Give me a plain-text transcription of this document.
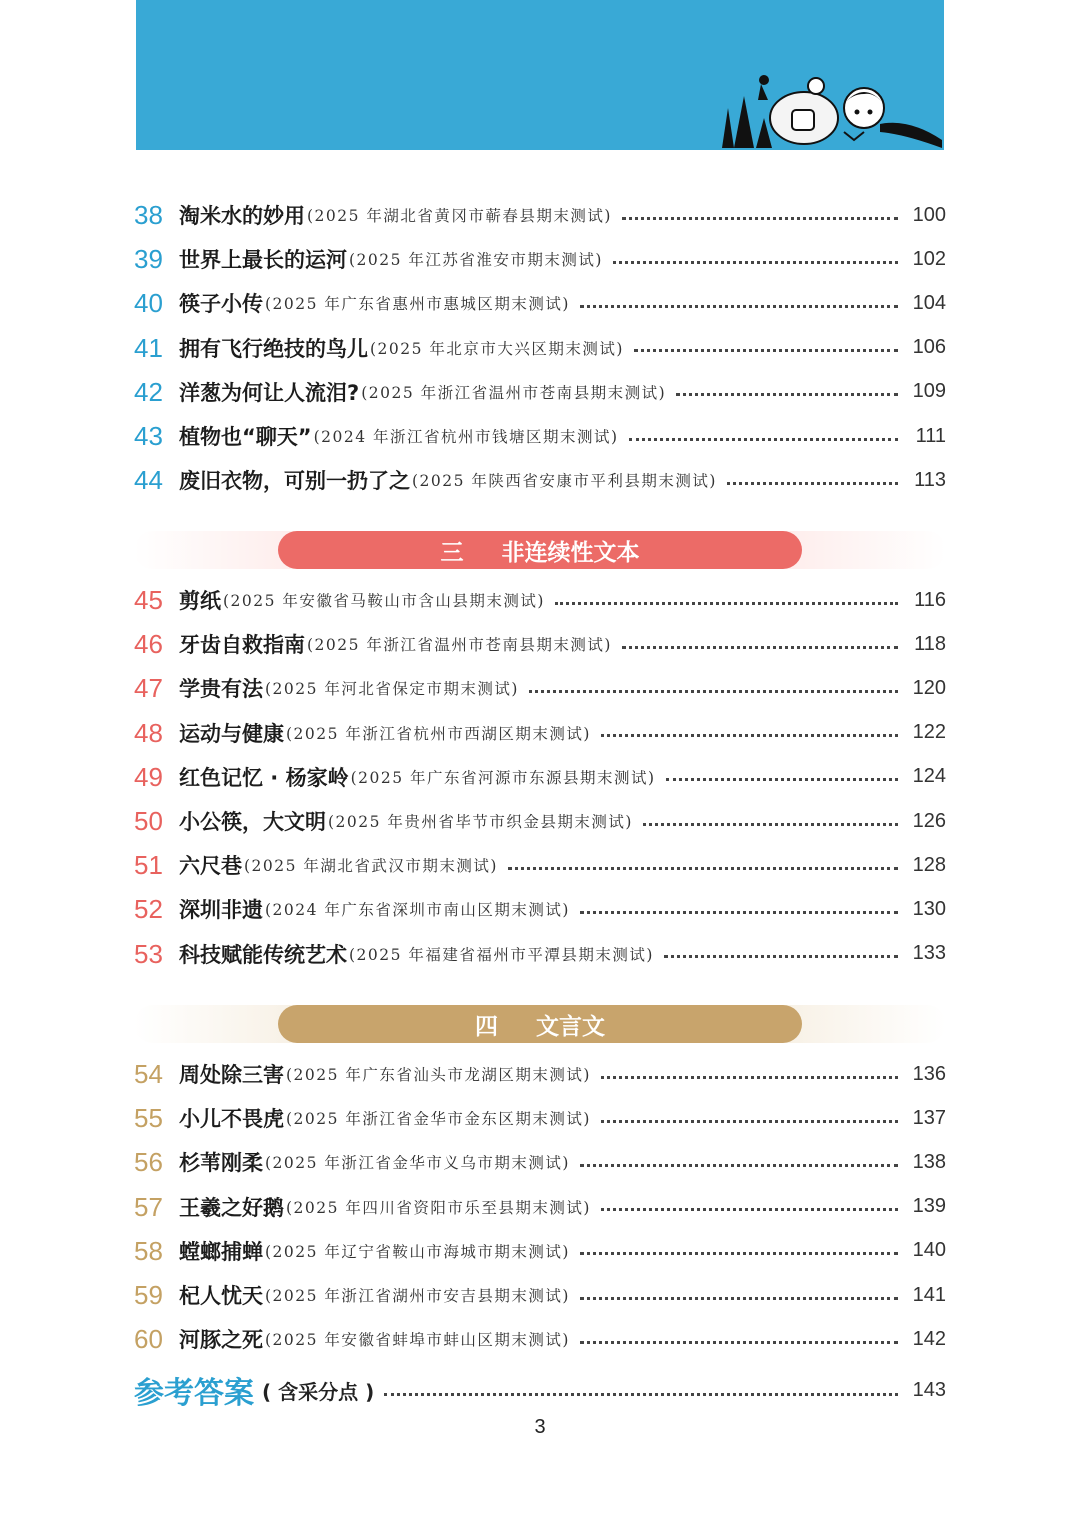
38 淘米水的妙用 (2025 年湖北省黄冈市蕲春县期末测试)	100
39 世界上最长的运河 (2025 年江苏省淮安市期末测试)	102
40 筷子小传 (2025 年广东省惠州市惠城区期末测试)	104
41 拥有飞行绝技的鸟儿 (2025 年北京市大兴区期末测试)	106
42 洋葱为何让人流泪? (2025 年浙江省温州市苍南县期末测试)	109
43 植物也“聊天” (2024 年浙江省杭州市钱塘区期末测试)	111
44 废旧衣物，可别一扔了之 (2025 年陕西省安康市平利县期末测试)	113
三 非连续性文本
45 剪纸 (2025 年安徽省马鞍山市含山县期末测试)	116
46 牙齿自救指南 (2025 年浙江省温州市苍南县期末测试)	118
47 学贵有法 (2025 年河北省保定市期末测试)	120
48 运动与健康 (2025 年浙江省杭州市西湖区期末测试)	122
49 红色记忆 · 杨家岭 (2025 年广东省河源市东源县期末测试)	124
50 小公筷，大文明 (2025 年贵州省毕节市织金县期末测试)	126
51 六尺巷 (2025 年湖北省武汉市期末测试)	128
52 深圳非遗 (2024 年广东省深圳市南山区期末测试)	130
53 科技赋能传统艺术 (2025 年福建省福州市平潭县期末测试)	133
四 文言文
54 周处除三害 (2025 年广东省汕头市龙湖区期末测试)	136
55 小儿不畏虎 (2025 年浙江省金华市金东区期末测试)	137
56 杉苇刚柔 (2025 年浙江省金华市义乌市期末测试)	138
57 王羲之好鹅 (2025 年四川省资阳市乐至县期末测试)	139
58 螳螂捕蝉 (2025 年辽宁省鞍山市海城市期末测试)	140
59 杞人忧天 (2025 年浙江省湖州市安吉县期末测试)	141
60 河豚之死 (2025 年安徽省蚌埠市蚌山区期末测试)	142
参考答案 ( 含采分点 )	143
3
